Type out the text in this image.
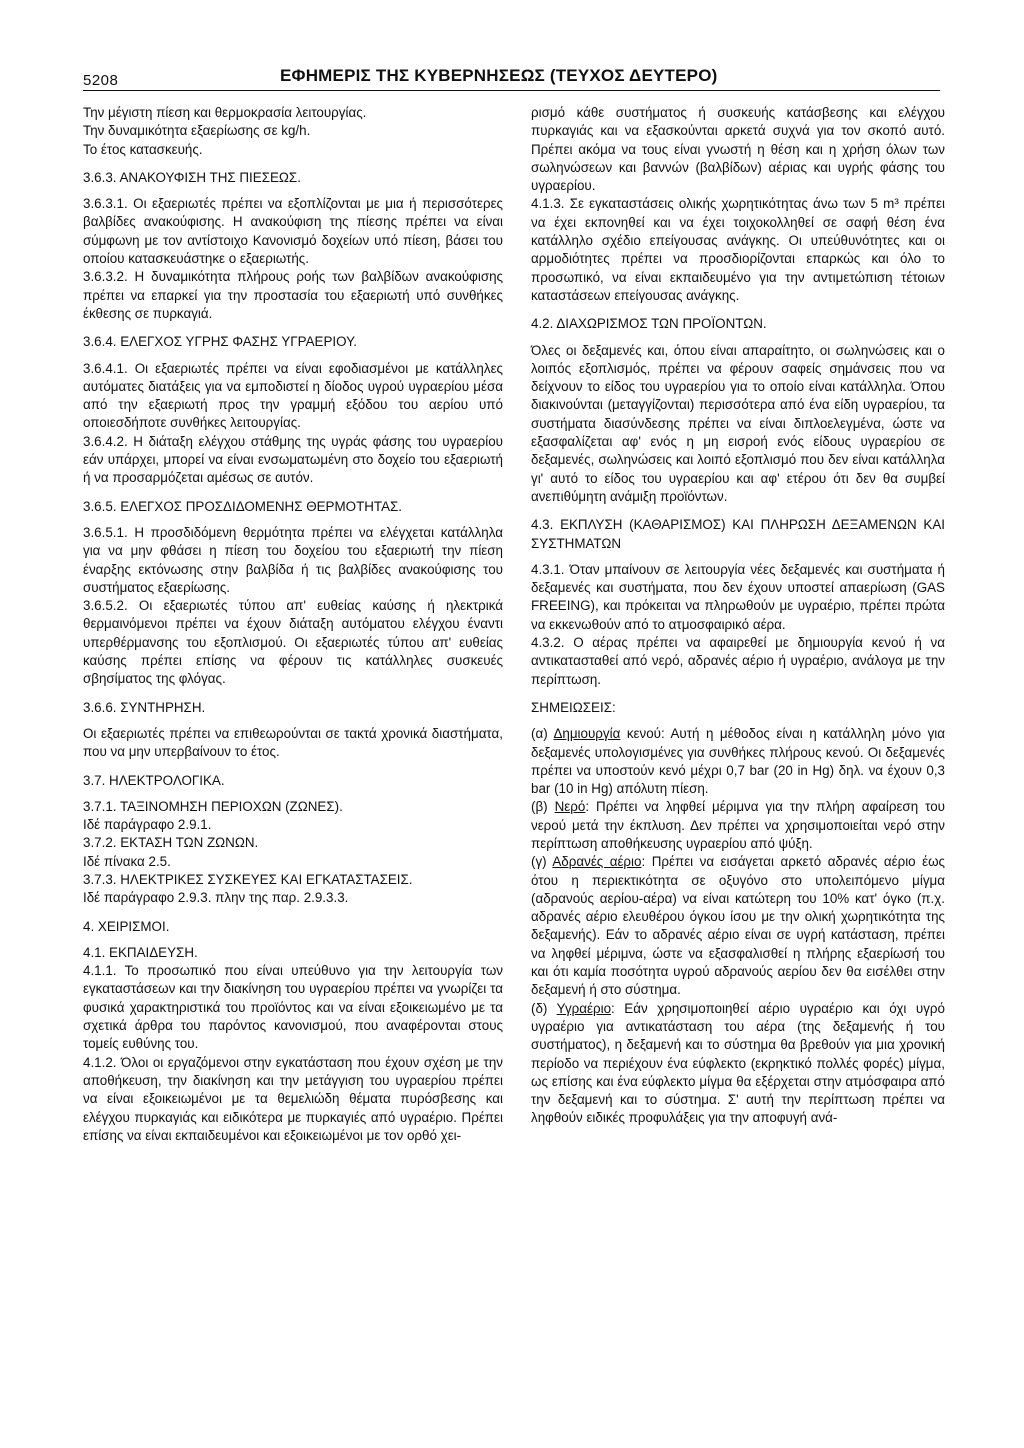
5208	ΕΦΗΜΕΡΙΣ ΤΗΣ ΚΥΒΕΡΝΗΣΕΩΣ (ΤΕΥΧΟΣ ΔΕΥΤΕΡΟ)

Την μέγιστη πίεση και θερμοκρασία λειτουργίας.

Την δυναμικότητα εξαερίωσης σε kg/h.

Το έτος κατασκευής.

3.6.3. ΑΝΑΚΟΥΦΙΣΗ ΤΗΣ ΠΙΕΣΕΩΣ.

3.6.3.1. Οι εξαεριωτές πρέπει να εξοπλίζονται με μια ή περισσότερες βαλβίδες ανακούφισης. Η ανακούφιση της πίεσης πρέπει να είναι σύμφωνη με τον αντίστοιχο Κανονισμό δοχείων υπό πίεση, βάσει του οποίου κατασκευάστηκε ο εξαεριωτής.

3.6.3.2. Η δυναμικότητα πλήρους ροής των βαλβίδων ανακούφισης πρέπει να επαρκεί για την προστασία του εξαεριωτή υπό συνθήκες έκθεσης σε πυρκαγιά.

3.6.4. ΕΛΕΓΧΟΣ ΥΓΡΗΣ ΦΑΣΗΣ ΥΓΡΑΕΡΙΟΥ.

3.6.4.1. Οι εξαεριωτές πρέπει να είναι εφοδιασμένοι με κατάλληλες αυτόματες διατάξεις για να εμποδιστεί η δίοδος υγρού υγραερίου μέσα από την εξαεριωτή προς την γραμμή εξόδου του αερίου υπό οποιεσδήποτε συνθήκες λειτουργίας.

3.6.4.2. Η διάταξη ελέγχου στάθμης της υγράς φάσης του υγραερίου εάν υπάρχει, μπορεί να είναι ενσωματωμένη στο δοχείο του εξαεριωτή ή να προσαρμόζεται αμέσως σε αυτόν.

3.6.5. ΕΛΕΓΧΟΣ ΠΡΟΣΔΙΔΟΜΕΝΗΣ ΘΕΡΜΟΤΗΤΑΣ.

3.6.5.1. Η προσδιδόμενη θερμότητα πρέπει να ελέγχεται κατάλληλα για να μην φθάσει η πίεση του δοχείου του εξαεριωτή την πίεση έναρξης εκτόνωσης στην βαλβίδα ή τις βαλβίδες ανακούφισης του συστήματος εξαερίωσης.

3.6.5.2. Οι εξαεριωτές τύπου απ' ευθείας καύσης ή ηλεκτρικά θερμαινόμενοι πρέπει να έχουν διάταξη αυτόματου ελέγχου έναντι υπερθέρμανσης του εξοπλισμού. Οι εξαεριωτές τύπου απ' ευθείας καύσης πρέπει επίσης να φέρουν τις κατάλληλες συσκευές σβησίματος της φλόγας.

3.6.6. ΣΥΝΤΗΡΗΣΗ.

Οι εξαεριωτές πρέπει να επιθεωρούνται σε τακτά χρονικά διαστήματα, που να μην υπερβαίνουν το έτος.

3.7. ΗΛΕΚΤΡΟΛΟΓΙΚΑ.

3.7.1. ΤΑΞΙΝΟΜΗΣΗ ΠΕΡΙΟΧΩΝ (ΖΩΝΕΣ).

Ιδέ παράγραφο 2.9.1.

3.7.2. ΕΚΤΑΣΗ ΤΩΝ ΖΩΝΩΝ.

Ιδέ πίνακα 2.5.

3.7.3. ΗΛΕΚΤΡΙΚΕΣ ΣΥΣΚΕΥΕΣ ΚΑΙ ΕΓΚΑΤΑΣΤΑΣΕΙΣ.

Ιδέ παράγραφο 2.9.3. πλην της παρ. 2.9.3.3.

4. ΧΕΙΡΙΣΜΟΙ.

4.1. ΕΚΠΑΙΔΕΥΣΗ.

4.1.1. Το προσωπικό που είναι υπεύθυνο για την λειτουργία των εγκαταστάσεων και την διακίνηση του υγραερίου πρέπει να γνωρίζει τα φυσικά χαρακτηριστικά του προϊόντος και να είναι εξοικειωμένο με τα σχετικά άρθρα του παρόντος κανονισμού, που αναφέρονται στους τομείς ευθύνης του.

4.1.2. Όλοι οι εργαζόμενοι στην εγκατάσταση που έχουν σχέση με την αποθήκευση, την διακίνηση και την μετάγγιση του υγραερίου πρέπει να είναι εξοικειωμένοι με τα θεμελιώδη θέματα πυρόσβεσης και ελέγχου πυρκαγιάς και ειδικότερα με πυρκαγιές από υγραέριο. Πρέπει επίσης να είναι εκπαιδευμένοι και εξοικειωμένοι με τον ορθό χει-

ρισμό κάθε συστήματος ή συσκευής κατάσβεσης και ελέγχου πυρκαγιάς και να εξασκούνται αρκετά συχνά για τον σκοπό αυτό. Πρέπει ακόμα να τους είναι γνωστή η θέση και η χρήση όλων των σωληνώσεων και βαννών (βαλβίδων) αέριας και υγρής φάσης του υγραερίου.

4.1.3. Σε εγκαταστάσεις ολικής χωρητικότητας άνω των 5 m³ πρέπει να έχει εκπονηθεί και να έχει τοιχοκολληθεί σε σαφή θέση ένα κατάλληλο σχέδιο επείγουσας ανάγκης. Οι υπεύθυνότητες και οι αρμοδιότητες πρέπει να προσδιορίζονται επαρκώς και όλο το προσωπικό, να είναι εκπαιδευμένο για την αντιμετώπιση τέτοιων καταστάσεων επείγουσας ανάγκης.

4.2. ΔΙΑΧΩΡΙΣΜΟΣ ΤΩΝ ΠΡΟΪΟΝΤΩΝ.

Όλες οι δεξαμενές και, όπου είναι απαραίτητο, οι σωληνώσεις και ο λοιπός εξοπλισμός, πρέπει να φέρουν σαφείς σημάνσεις που να δείχνουν το είδος του υγραερίου για το οποίο είναι κατάλληλα. Όπου διακινούνται (μεταγγίζονται) περισσότερα από ένα είδη υγραερίου, τα συστήματα διασύνδεσης πρέπει να είναι διπλοελεγμένα, ώστε να εξασφαλίζεται αφ' ενός η μη εισροή ενός είδους υγραερίου σε δεξαμενές, σωληνώσεις και λοιπό εξοπλισμό που δεν είναι κατάλληλα γι' αυτό το είδος του υγραερίου και αφ' ετέρου ότι δεν θα συμβεί ανεπιθύμητη ανάμιξη προϊόντων.

4.3. ΕΚΠΛΥΣΗ (ΚΑΘΑΡΙΣΜΟΣ) ΚΑΙ ΠΛΗΡΩΣΗ ΔΕΞΑΜΕΝΩΝ ΚΑΙ ΣΥΣΤΗΜΑΤΩΝ

4.3.1. Όταν μπαίνουν σε λειτουργία νέες δεξαμενές και συστήματα ή δεξαμενές και συστήματα, που δεν έχουν υποστεί απαερίωση (GAS FREEING), και πρόκειται να πληρωθούν με υγραέριο, πρέπει πρώτα να εκκενωθούν από το ατμοσφαιρικό αέρα.

4.3.2. Ο αέρας πρέπει να αφαιρεθεί με δημιουργία κενού ή να αντικατασταθεί από νερό, αδρανές αέριο ή υγραέριο, ανάλογα με την περίπτωση.

ΣΗΜΕΙΩΣΕΙΣ:

(α) Δημιουργία κενού: Αυτή η μέθοδος είναι η κατάλληλη μόνο για δεξαμενές υπολογισμένες για συνθήκες πλήρους κενού. Οι δεξαμενές πρέπει να υποστούν κενό μέχρι 0,7 bar (20 in Hg) δηλ. να έχουν 0,3 bar (10 in Hg) απόλυτη πίεση.

(β) Νερό: Πρέπει να ληφθεί μέριμνα για την πλήρη αφαίρεση του νερού μετά την έκπλυση. Δεν πρέπει να χρησιμοποιείται νερό στην περίπτωση αποθήκευσης υγραερίου από ψύξη.

(γ) Αδρανές αέριο: Πρέπει να εισάγεται αρκετό αδρανές αέριο έως ότου η περιεκτικότητα σε οξυγόνο στο υπολειπόμενο μίγμα (αδρανούς αερίου-αέρα) να είναι κατώτερη του 10% κατ' όγκο (π.χ. αδρανές αέριο ελευθέρου όγκου ίσου με την ολική χωρητικότητα της δεξαμενής). Εάν το αδρανές αέριο είναι σε υγρή κατάσταση, πρέπει να ληφθεί μέριμνα, ώστε να εξασφαλισθεί η πλήρης εξαερίωσή του και ότι καμία ποσότητα υγρού αδρανούς αερίου δεν θα εισέλθει στην δεξαμενή ή στο σύστημα.

(δ) Υγραέριο: Εάν χρησιμοποιηθεί αέριο υγραέριο και όχι υγρό υγραέριο για αντικατάσταση του αέρα (της δεξαμενής ή του συστήματος), η δεξαμενή και το σύστημα θα βρεθούν για μια χρονική περίοδο να περιέχουν ένα εύφλεκτο (εκρηκτικό πολλές φορές) μίγμα, ως επίσης και ένα εύφλεκτο μίγμα θα εξέρχεται στην ατμόσφαιρα από την δεξαμενή και το σύστημα. Σ' αυτή την περίπτωση πρέπει να ληφθούν ειδικές προφυλάξεις για την αποφυγή ανά-
